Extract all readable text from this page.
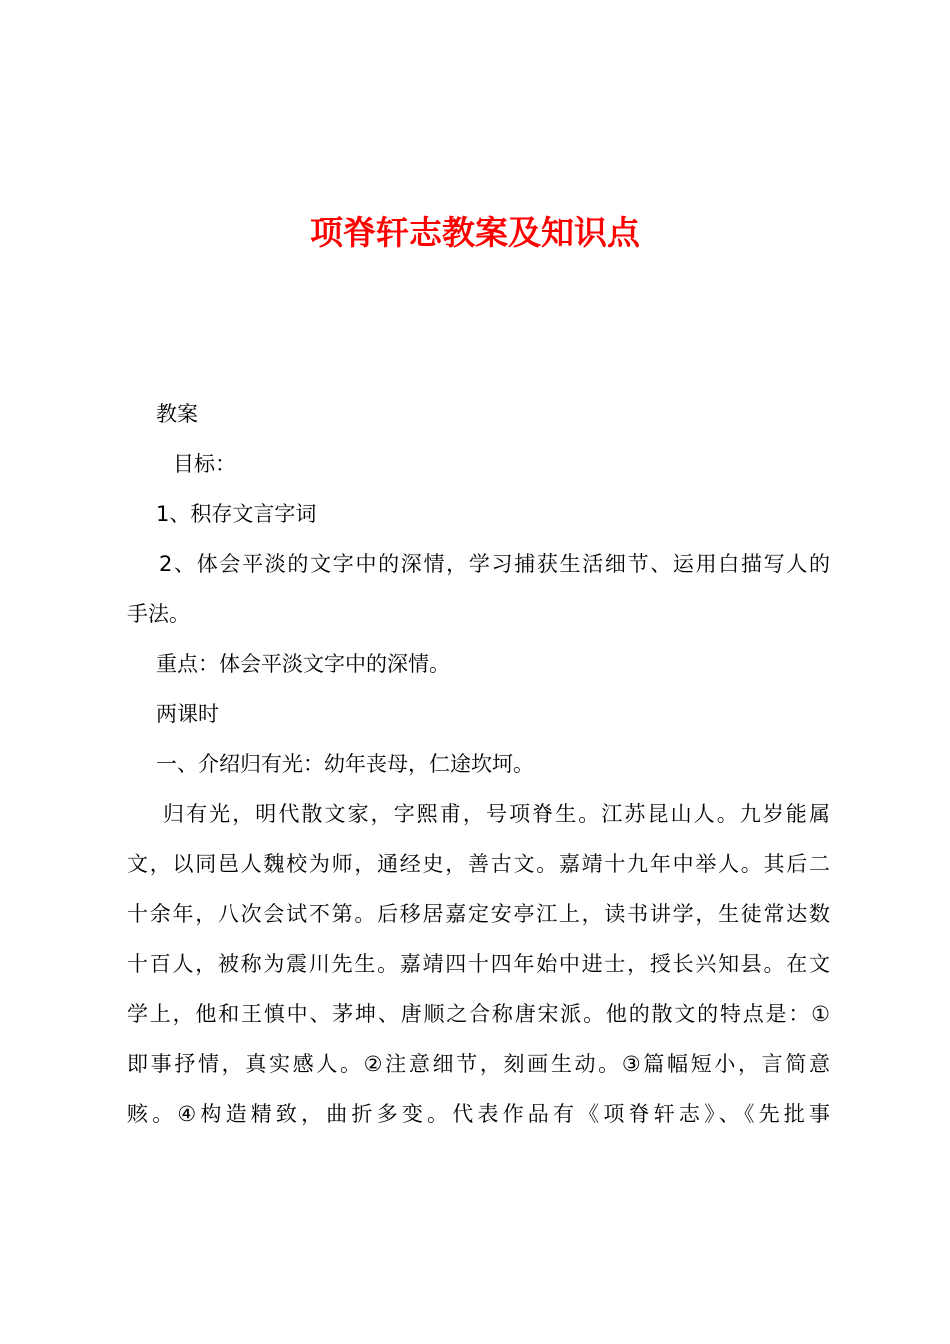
项脊轩志教案及知识点

教案

目标：

1、积存文言字词

2、体会平淡的文字中的深情，学习捕获生活细节、运用白描写人的

手法。

重点：体会平淡文字中的深情。

两课时

一、介绍归有光：幼年丧母，仁途坎坷。

归有光，明代散文家，字熙甫，号项脊生。江苏昆山人。九岁能属

文，以同邑人魏校为师，通经史，善古文。嘉靖十九年中举人。其后二

十余年，八次会试不第。后移居嘉定安亭江上，读书讲学，生徒常达数

十百人，被称为震川先生。嘉靖四十四年始中进士，授长兴知县。在文

学上，他和王慎中、茅坤、唐顺之合称唐宋派。他的散文的特点是：①

即事抒情，真实感人。②注意细节，刻画生动。③篇幅短小，言简意

赅。④构造精致，曲折多变。代表作品有《项脊轩志》、《先批事
